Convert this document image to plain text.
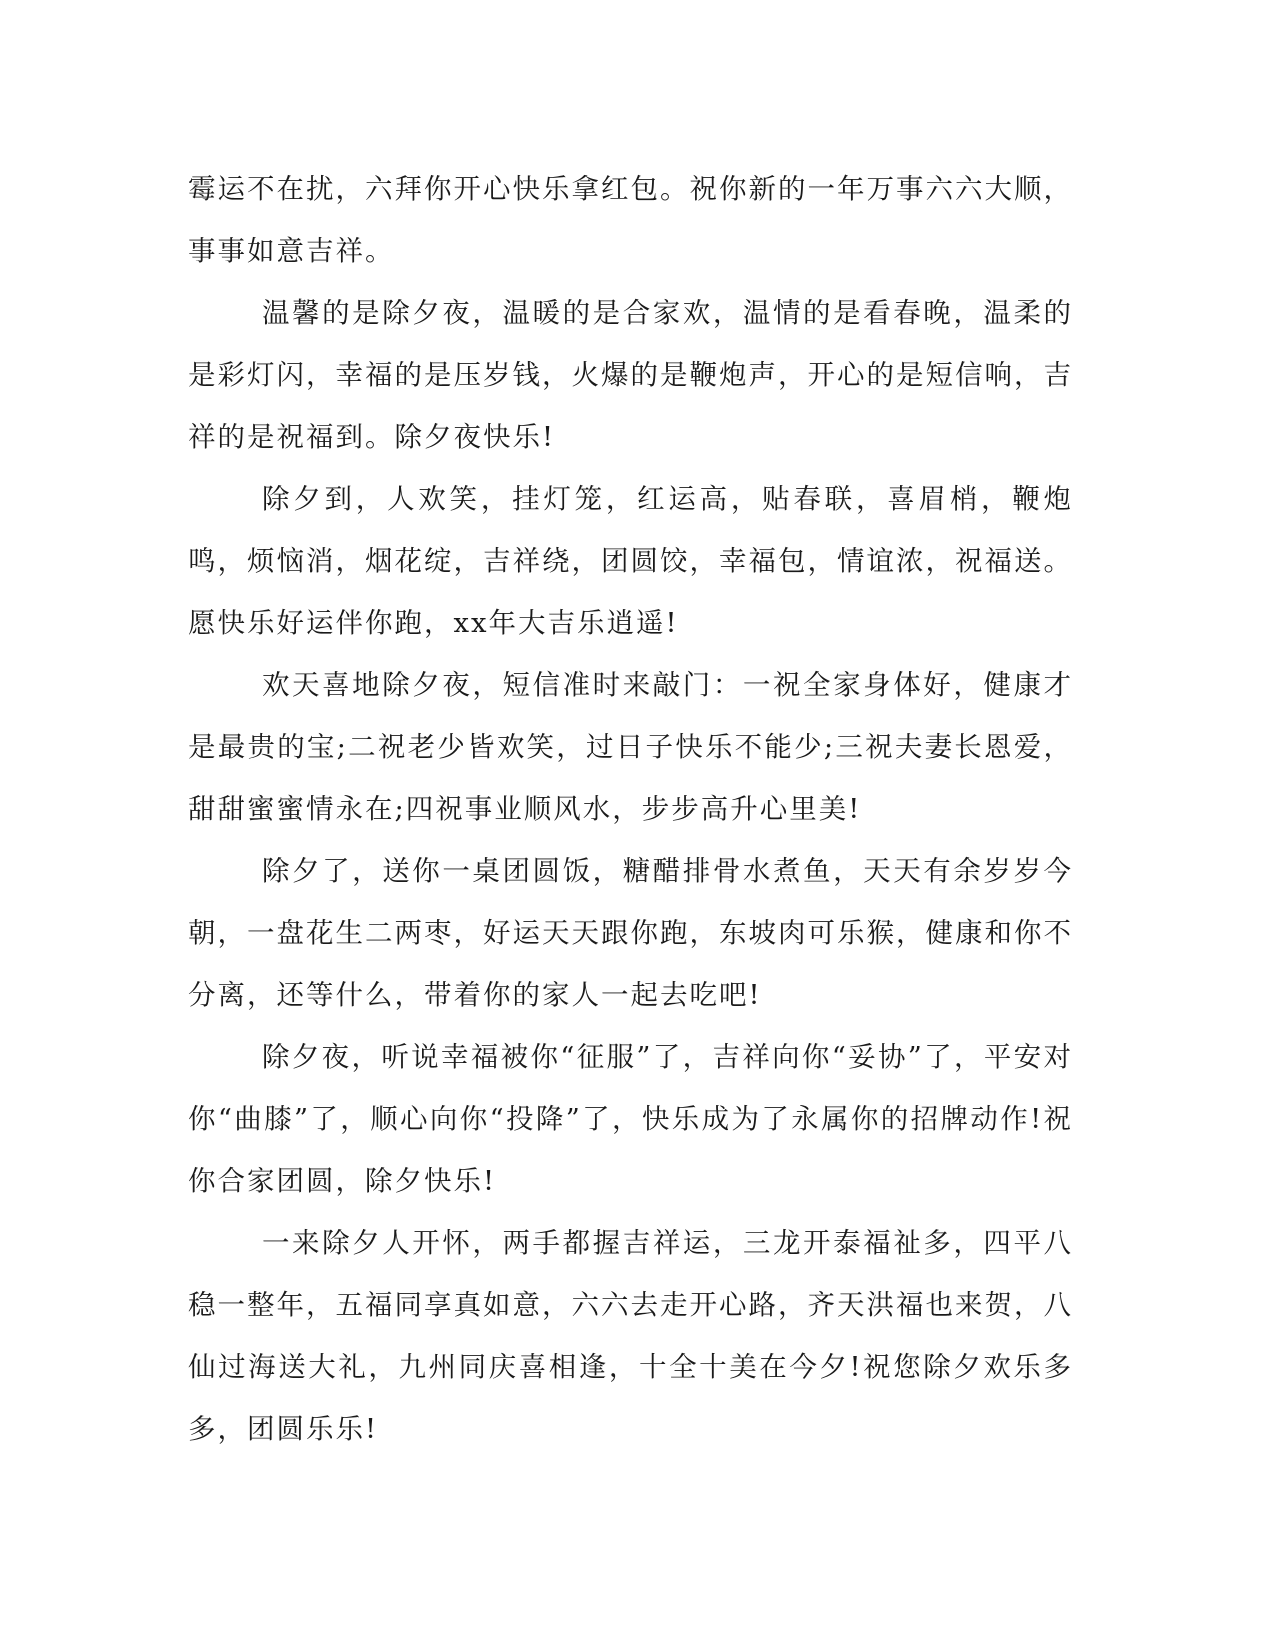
霉运不在扰，六拜你开心快乐拿红包。祝你新的一年万事六六大顺，事事如意吉祥。

温馨的是除夕夜，温暖的是合家欢，温情的是看春晚，温柔的是彩灯闪，幸福的是压岁钱，火爆的是鞭炮声，开心的是短信响，吉祥的是祝福到。除夕夜快乐!

除夕到，人欢笑，挂灯笼，红运高，贴春联，喜眉梢，鞭炮鸣，烦恼消，烟花绽，吉祥绕，团圆饺，幸福包，情谊浓，祝福送。愿快乐好运伴你跑，xx年大吉乐逍遥!

欢天喜地除夕夜，短信准时来敲门：一祝全家身体好，健康才是最贵的宝;二祝老少皆欢笑，过日子快乐不能少;三祝夫妻长恩爱，甜甜蜜蜜情永在;四祝事业顺风水，步步高升心里美!

除夕了，送你一桌团圆饭，糖醋排骨水煮鱼，天天有余岁岁今朝，一盘花生二两枣，好运天天跟你跑，东坡肉可乐猴，健康和你不分离，还等什么，带着你的家人一起去吃吧!

除夕夜，听说幸福被你“征服”了，吉祥向你“妥协”了，平安对你“曲膝”了，顺心向你“投降”了，快乐成为了永属你的招牌动作!祝你合家团圆，除夕快乐!

一来除夕人开怀，两手都握吉祥运，三龙开泰福祉多，四平八稳一整年，五福同享真如意，六六去走开心路，齐天洪福也来贺，八仙过海送大礼，九州同庆喜相逢，十全十美在今夕!祝您除夕欢乐多多，团圆乐乐!
